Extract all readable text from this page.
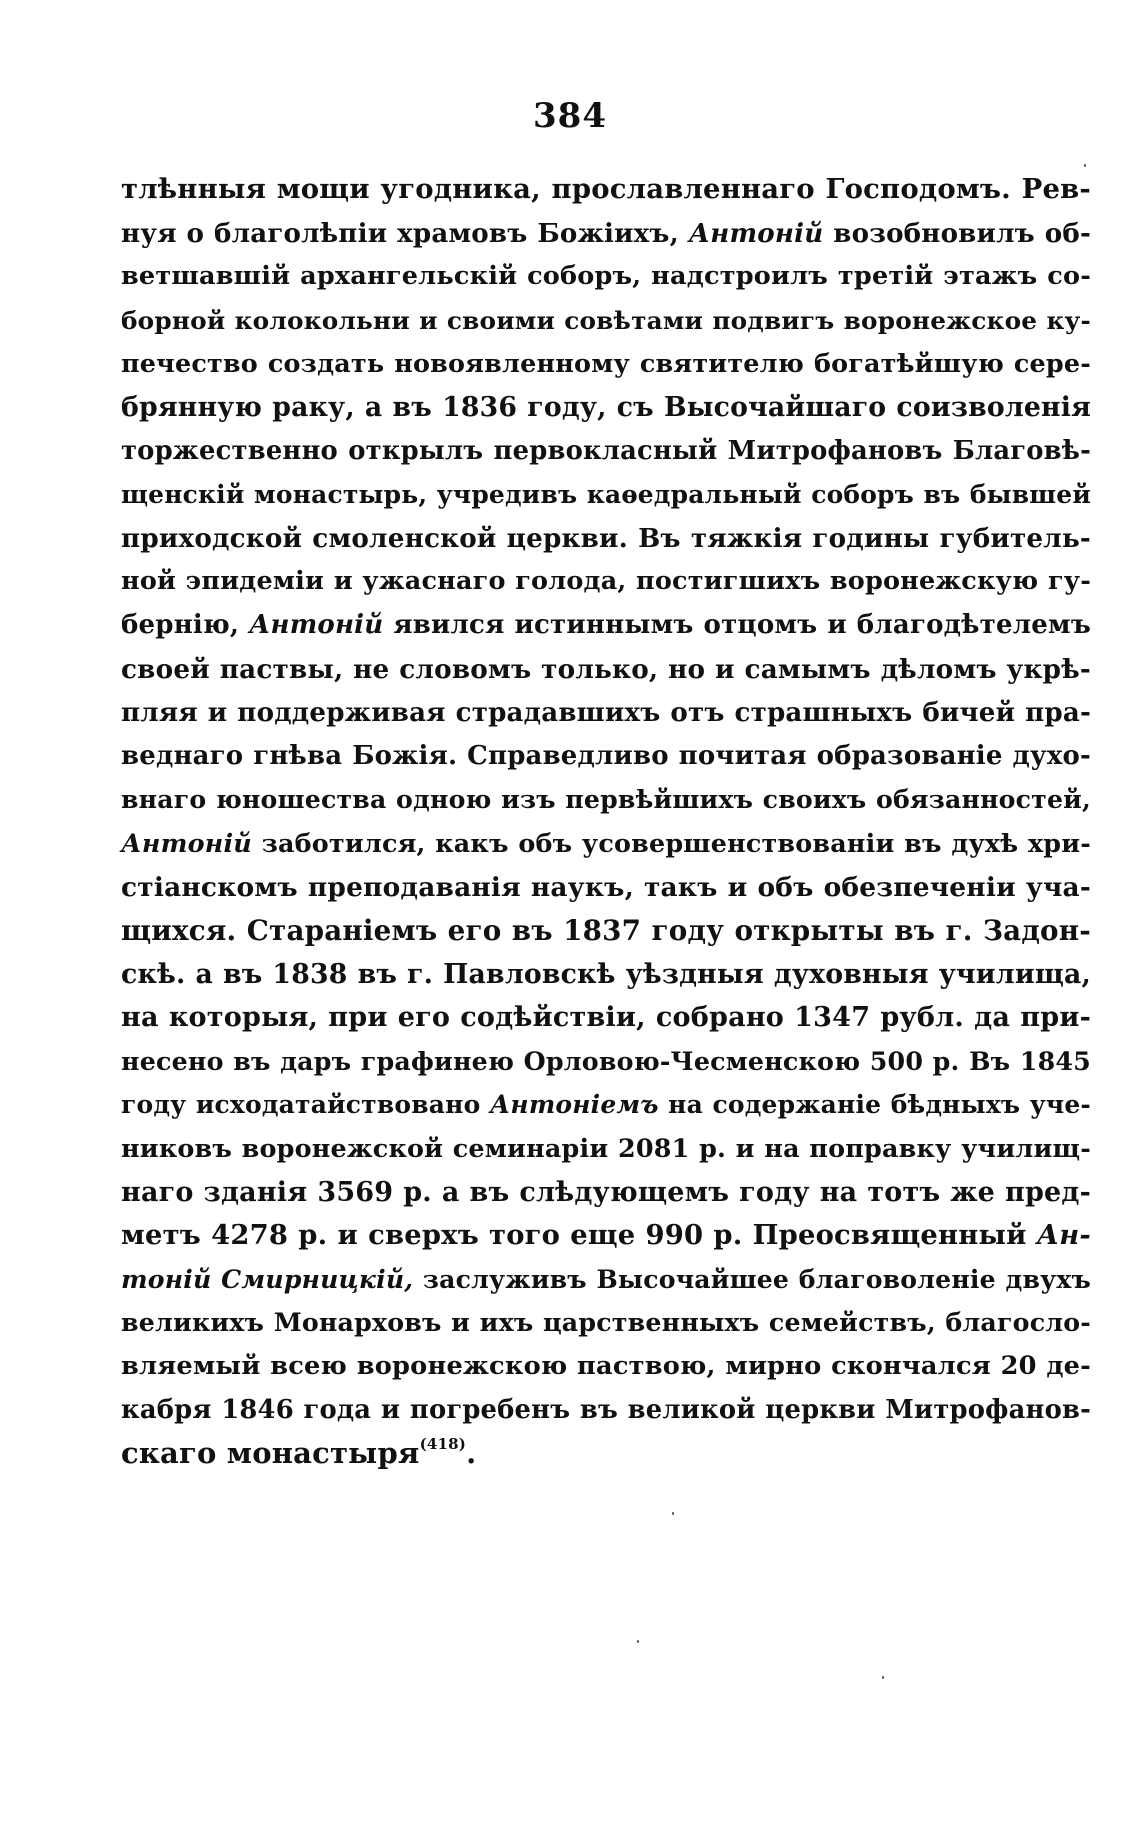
384
тлѣнныя мощи угодника, прославленнаго Господомъ. Рев-
нуя о благолѣпіи храмовъ Божіихъ, Антоній возобновилъ об-
ветшавшій архангельскій соборъ, надстроилъ третій этажъ со-
борной колокольни и своими совѣтами подвигъ воронежское ку-
печество создать новоявленному святителю богатѣйшую сере-
брянную раку, а въ 1836 году, съ Высочайшаго соизволенія
торжественно открылъ первокласный Митрофановъ Благовѣ-
щенскій монастырь, учредивъ каѳедральный соборъ въ бывшей
приходской смоленской церкви. Въ тяжкія годины губитель-
ной эпидеміи и ужаснаго голода, постигшихъ воронежскую гу-
бернію, Антоній явился истиннымъ отцомъ и благодѣтелемъ
своей паствы, не словомъ только, но и самымъ дѣломъ укрѣ-
пляя и поддерживая страдавшихъ отъ страшныхъ бичей пра-
веднаго гнѣва Божія. Справедливо почитая образованіе духо-
внаго юношества одною изъ первѣйшихъ своихъ обязанностей,
Антоній заботился, какъ объ усовершенствованіи въ духѣ хри-
стіанскомъ преподаванія наукъ, такъ и объ обезпеченіи уча-
щихся. Стараніемъ его въ 1837 году открыты въ г. Задон-
скѣ. а въ 1838 въ г. Павловскѣ уѣздныя духовныя училища,
на которыя, при его содѣйствіи, собрано 1347 рубл. да при-
несено въ даръ графинею Орловою-Чесменскою 500 р. Въ 1845
году исходатайствовано Антоніемъ на содержаніе бѣдныхъ уче-
никовъ воронежской семинаріи 2081 р. и на поправку училищ-
наго зданія 3569 р. а въ слѣдующемъ году на тотъ же пред-
метъ 4278 р. и сверхъ того еще 990 р. Преосвященный Ан-
тоній Смирницкій, заслуживъ Высочайшее благоволеніе двухъ
великихъ Монарховъ и ихъ царственныхъ семействъ, благосло-
вляемый всею воронежскою паствою, мирно скончался 20 де-
кабря 1846 года и погребенъ въ великой церкви Митрофанов-
скаго монастыря$^{(418)}$.
